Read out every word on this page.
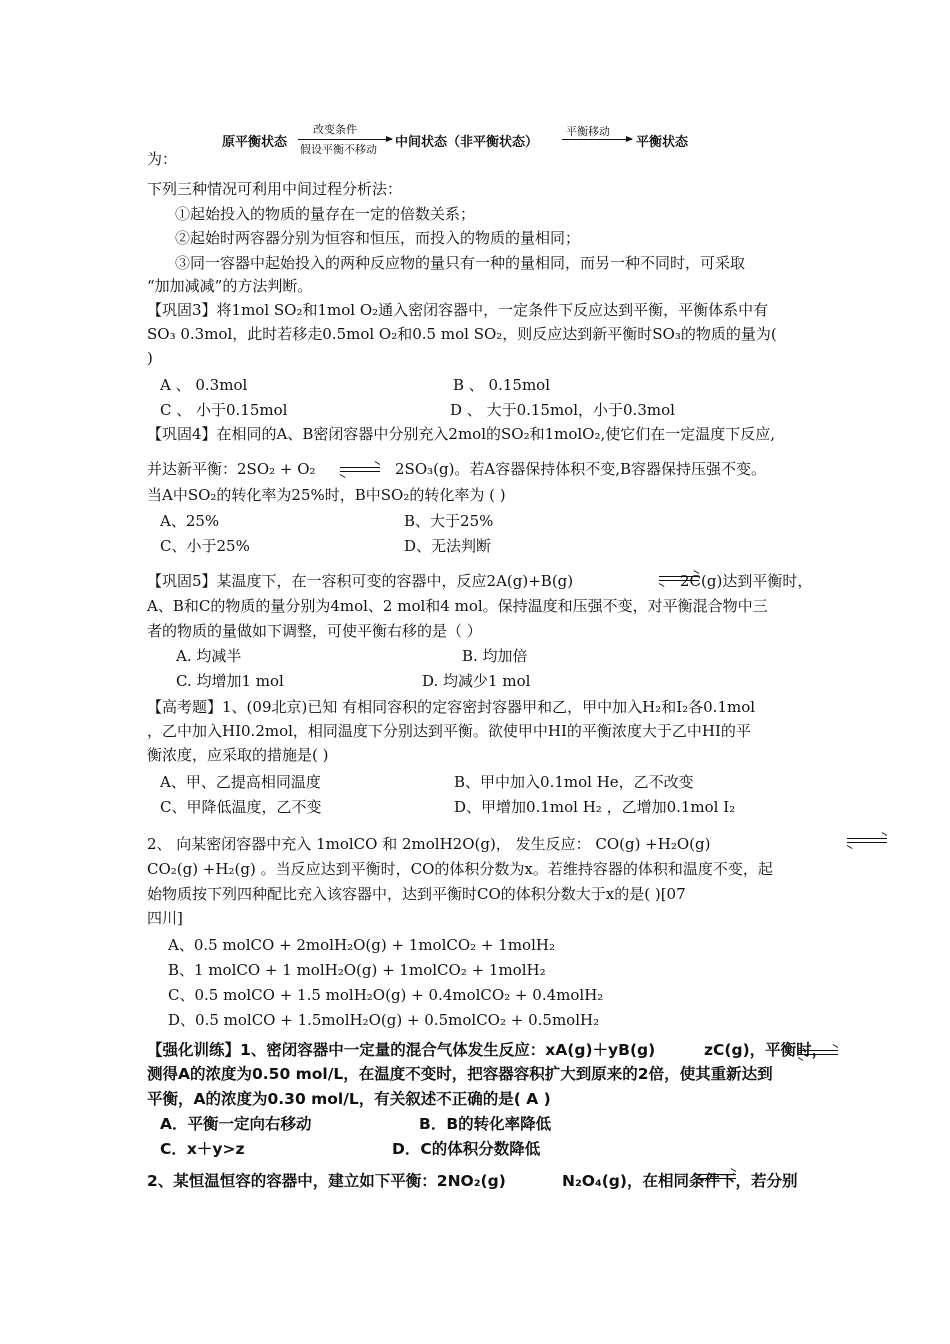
原平衡状态
改变条件
假设平衡不移动 中间状态（非平衡状态）
平衡移动
平衡状态
为：
下列三种情况可利用中间过程分析法：
①起始投入的物质的量存在一定的倍数关系；
②起始时两容器分别为恒容和恒压，而投入的物质的量相同；
③同一容器中起始投入的两种反应物的量只有一种的量相同，而另一种不同时，可采取
“加加减减”的方法判断。
【巩固3】将1mol SO₂和1mol O₂通入密闭容器中，一定条件下反应达到平衡，平衡体系中有
SO₃ 0.3mol，此时若移走0.5mol O₂和0.5 mol SO₂，则反应达到新平衡时SO₃的物质的量为(
)
A 、 0.3mol	B 、 0.15mol
C 、 小于0.15mol	D 、 大于0.15mol，小于0.3mol
【巩固4】在相同的A、B密闭容器中分别充入2mol的SO₂和1molO₂,使它们在一定温度下反应,
并达新平衡：2SO₂ + O₂
	2SO₃(g)。若A容器保持体积不变,B容器保持压强不变。
当A中SO₂的转化率为25%时，B中SO₂的转化率为 ( )
A、25%	B、大于25%
C、小于25%	D、无法判断
【巩固5】某温度下，在一容积可变的容器中，反应2A(g)+B(g)
	2C(g)达到平衡时，
A、B和C的物质的量分别为4mol、2 mol和4 mol。保持温度和压强不变，对平衡混合物中三
者的物质的量做如下调整，可使平衡右移的是（ ）
A. 均减半	B. 均加倍
C. 均增加1 mol	D. 均减少1 mol
【高考题】1、(09北京)已知 有相同容积的定容密封容器甲和乙，甲中加入H₂和I₂各0.1mol
，乙中加入HI0.2mol，相同温度下分别达到平衡。欲使甲中HI的平衡浓度大于乙中HI的平
衡浓度，应采取的措施是( )
A、甲、乙提高相同温度	B、甲中加入0.1mol He，乙不改变
C、甲降低温度，乙不变	D、甲增加0.1mol H₂ ，乙增加0.1mol I₂
2、 向某密闭容器中充入 1molCO 和 2molH2O(g)， 发生反应： CO(g) +H₂O(g)

CO₂(g) +H₂(g) 。当反应达到平衡时，CO的体积分数为x。若维持容器的体积和温度不变，起
始物质按下列四种配比充入该容器中，达到平衡时CO的体积分数大于x的是( )[07
四川]
A、0.5 molCO + 2molH₂O(g) + 1molCO₂ + 1molH₂
B、1 molCO + 1 molH₂O(g) + 1molCO₂ + 1molH₂
C、0.5 molCO + 1.5 molH₂O(g) + 0.4molCO₂ + 0.4molH₂
D、0.5 molCO + 1.5molH₂O(g) + 0.5molCO₂ + 0.5molH₂
【强化训练】1、密闭容器中一定量的混合气体发生反应：xA(g)＋yB(g)
	zC(g)，平衡时，
测得A的浓度为0.50 mol/L，在温度不变时，把容器容积扩大到原来的2倍，使其重新达到
平衡，A的浓度为0.30 mol/L，有关叙述不正确的是( A )
A．平衡一定向右移动	B．B的转化率降低
C．x＋y>z	D．C的体积分数降低
2、某恒温恒容的容器中，建立如下平衡：2NO₂(g)	N₂O₄(g)，在相同条件下，若分别
